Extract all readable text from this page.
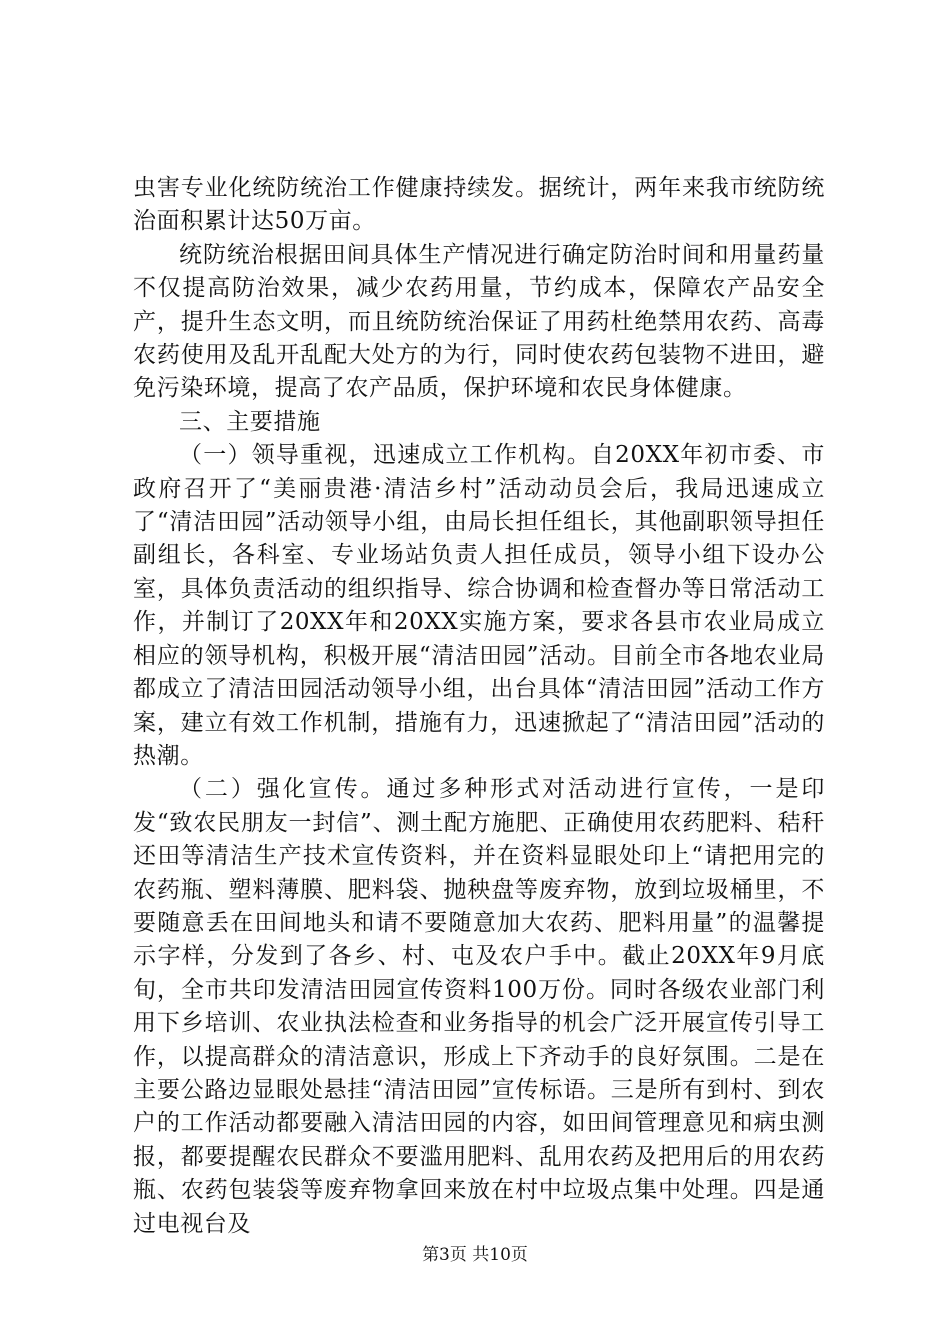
虫害专业化统防统治工作健康持续发。据统计，两年来我市统防统治面积累计达50万亩。

统防统治根据田间具体生产情况进行确定防治时间和用量药量不仅提高防治效果，减少农药用量，节约成本，保障农产品安全产，提升生态文明，而且统防统治保证了用药杜绝禁用农药、高毒农药使用及乱开乱配大处方的为行，同时使农药包装物不进田，避免污染环境，提高了农产品质，保护环境和农民身体健康。

三、主要措施

（一）领导重视，迅速成立工作机构。自20XX年初市委、市政府召开了“美丽贵港·清洁乡村”活动动员会后，我局迅速成立了“清洁田园”活动领导小组，由局长担任组长，其他副职领导担任副组长，各科室、专业场站负责人担任成员，领导小组下设办公室，具体负责活动的组织指导、综合协调和检查督办等日常活动工作，并制订了20XX年和20XX实施方案，要求各县市农业局成立相应的领导机构，积极开展“清洁田园”活动。目前全市各地农业局都成立了清洁田园活动领导小组，出台具体“清洁田园”活动工作方案，建立有效工作机制，措施有力，迅速掀起了“清洁田园”活动的热潮。

（二）强化宣传。通过多种形式对活动进行宣传，一是印发“致农民朋友一封信”、测土配方施肥、正确使用农药肥料、秸秆还田等清洁生产技术宣传资料，并在资料显眼处印上“请把用完的农药瓶、塑料薄膜、肥料袋、抛秧盘等废弃物，放到垃圾桶里，不要随意丢在田间地头和请不要随意加大农药、肥料用量”的温馨提示字样，分发到了各乡、村、屯及农户手中。截止20XX年9月底旬，全市共印发清洁田园宣传资料100万份。同时各级农业部门利用下乡培训、农业执法检查和业务指导的机会广泛开展宣传引导工作，以提高群众的清洁意识，形成上下齐动手的良好氛围。二是在主要公路边显眼处悬挂“清洁田园”宣传标语。三是所有到村、到农户的工作活动都要融入清洁田园的内容，如田间管理意见和病虫测报，都要提醒农民群众不要滥用肥料、乱用农药及把用后的用农药瓶、农药包装袋等废弃物拿回来放在村中垃圾点集中处理。四是通过电视台及

第3页 共10页
